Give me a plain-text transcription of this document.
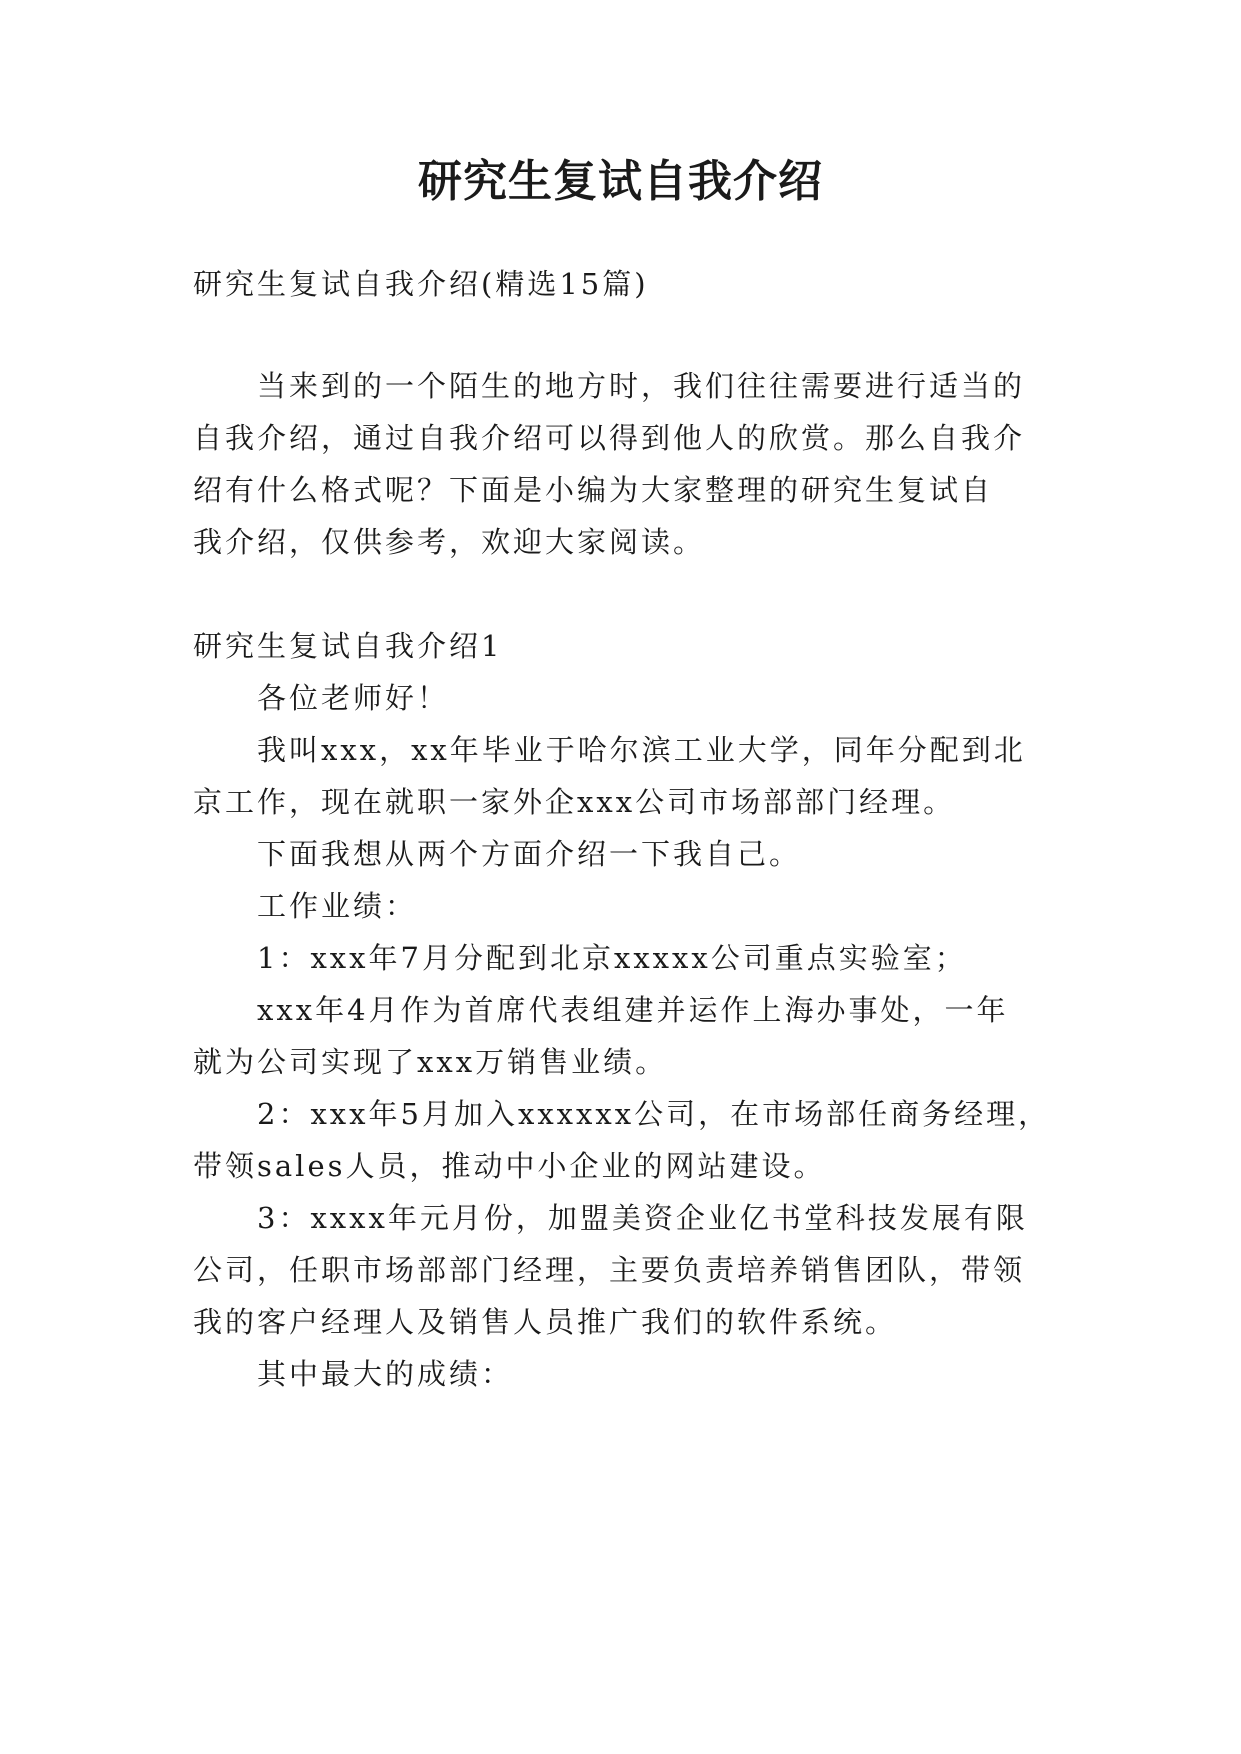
研究生复试自我介绍
研究生复试自我介绍(精选15篇)
当来到的一个陌生的地方时，我们往往需要进行适当的
自我介绍，通过自我介绍可以得到他人的欣赏。那么自我介
绍有什么格式呢？下面是小编为大家整理的研究生复试自
我介绍，仅供参考，欢迎大家阅读。
研究生复试自我介绍1
各位老师好！
我叫xxx，xx年毕业于哈尔滨工业大学，同年分配到北
京工作，现在就职一家外企xxx公司市场部部门经理。
下面我想从两个方面介绍一下我自己。
工作业绩：
1：xxx年7月分配到北京xxxxx公司重点实验室；
xxx年4月作为首席代表组建并运作上海办事处，一年
就为公司实现了xxx万销售业绩。
2：xxx年5月加入xxxxxx公司，在市场部任商务经理，
带领sales人员，推动中小企业的网站建设。
3：xxxx年元月份，加盟美资企业亿书堂科技发展有限
公司，任职市场部部门经理，主要负责培养销售团队，带领
我的客户经理人及销售人员推广我们的软件系统。
其中最大的成绩：
